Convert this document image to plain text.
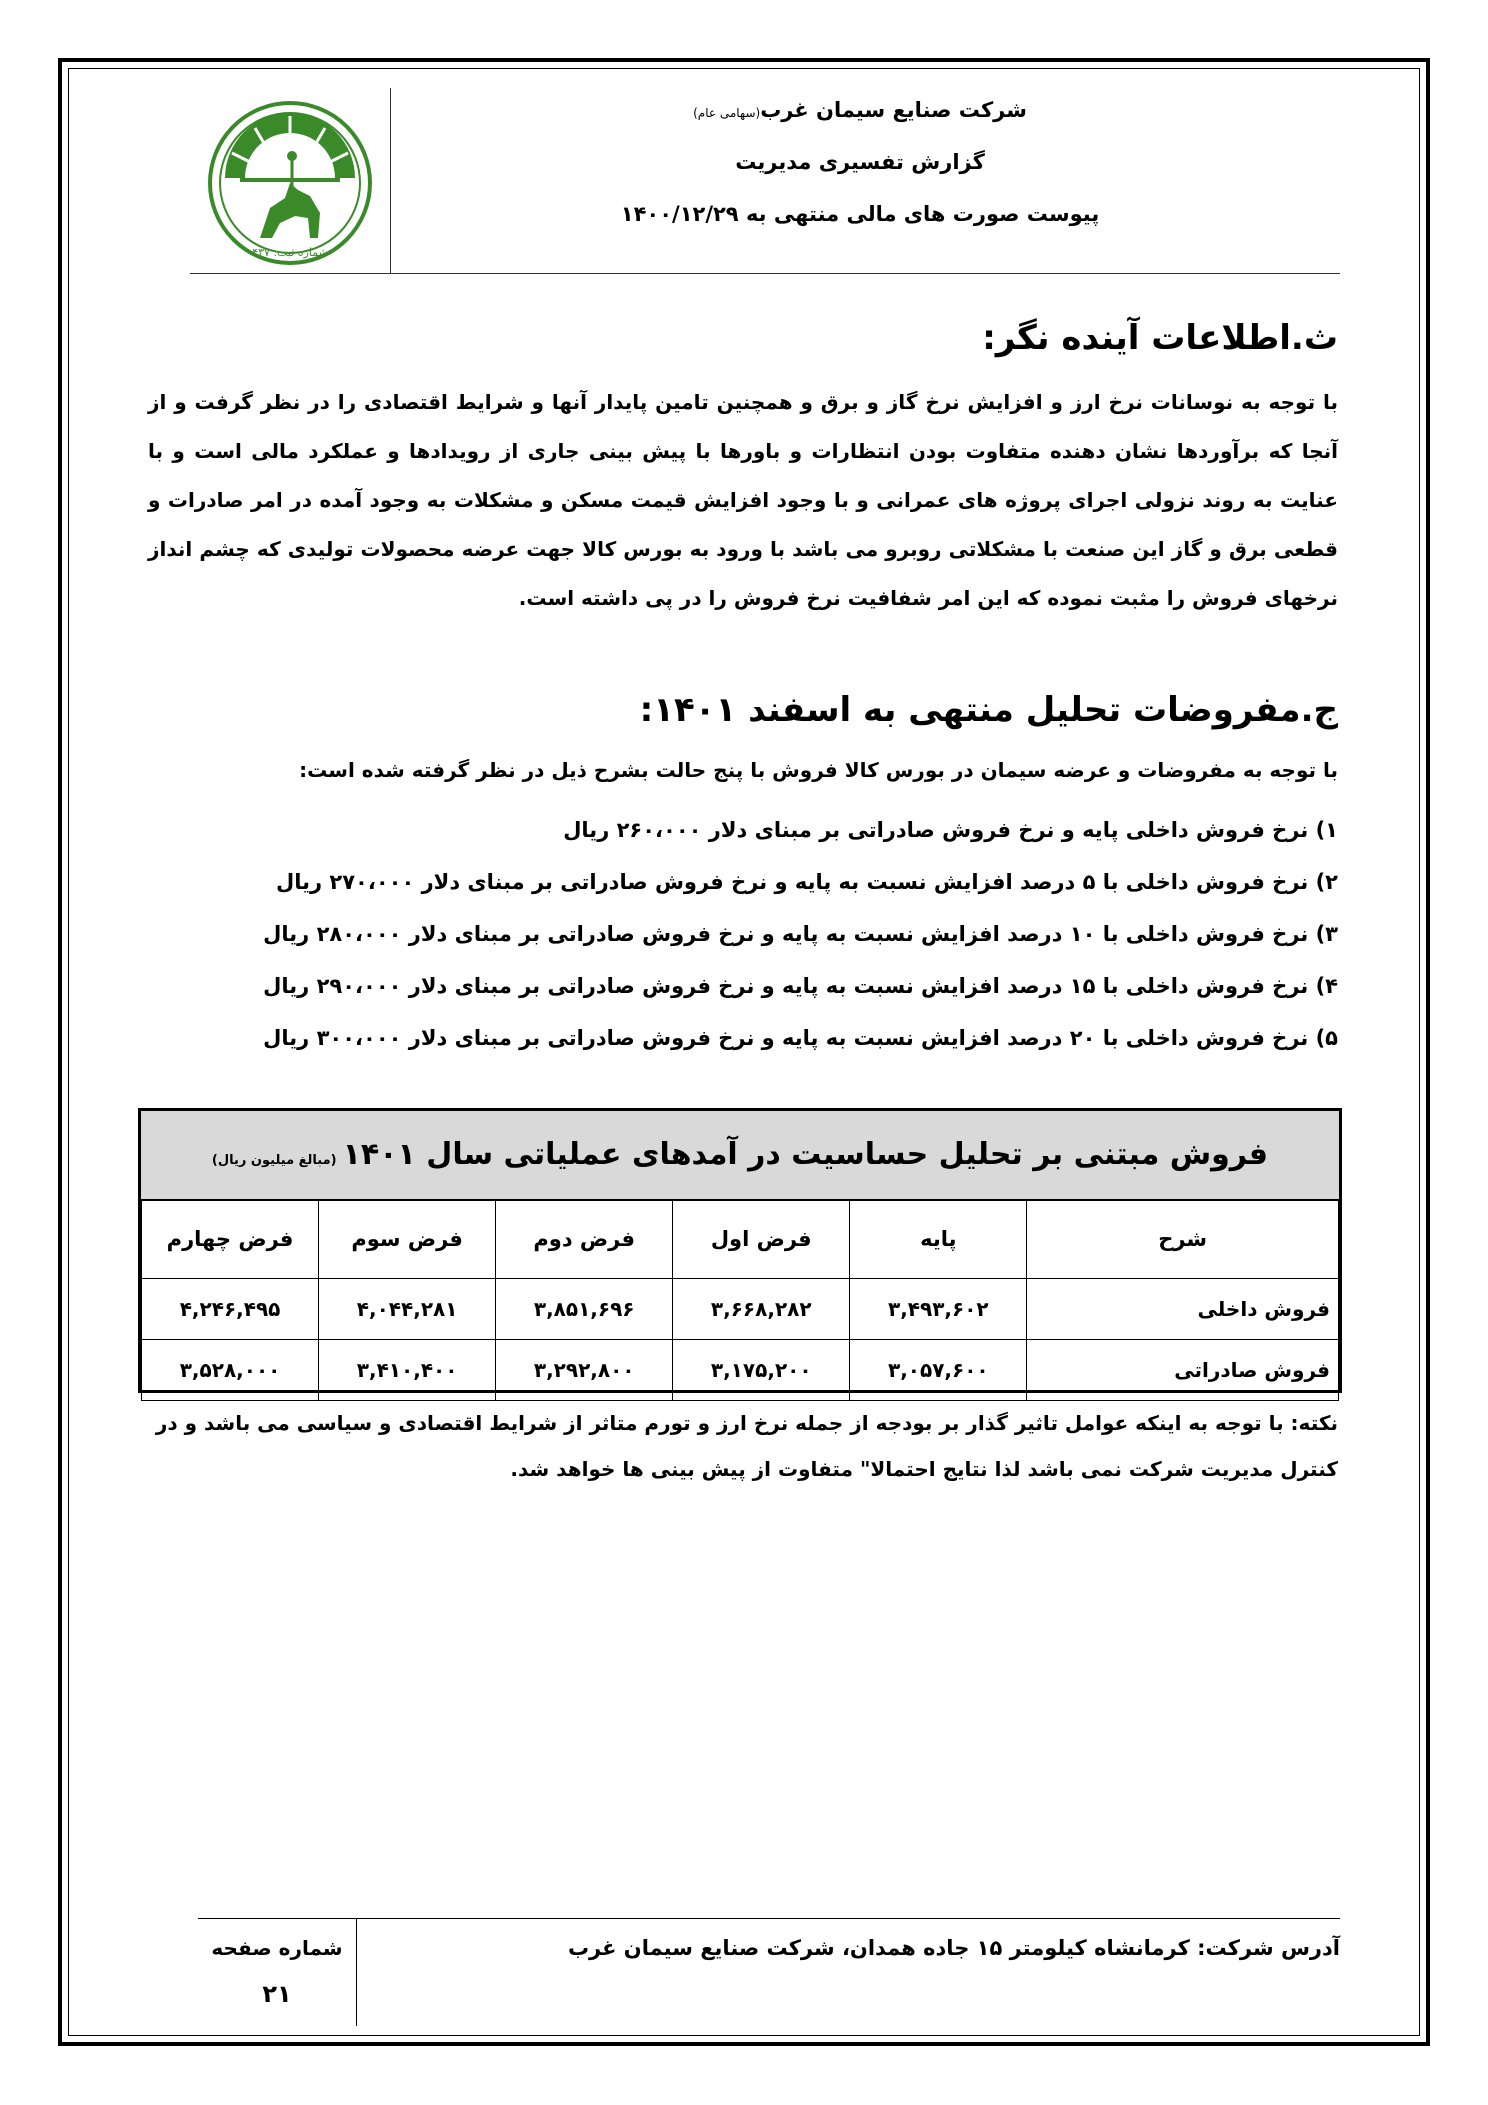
شماره ثبت: ۴۳۷
شرکت صنایع سیمان غرب(سهامی عام)
گزارش تفسیری مدیریت
پیوست صورت های مالی منتهی به ۱۴۰۰/۱۲/۲۹
ث.اطلاعات آینده نگر:
با توجه به نوسانات نرخ ارز و افزایش نرخ گاز و برق و همچنین تامین پایدار آنها و شرایط اقتصادی را در نظر گرفت و از آنجا که برآوردها نشان دهنده متفاوت بودن انتظارات و باورها با پیش بینی جاری از رویدادها و عملکرد مالی است و با عنایت به روند نزولی اجرای پروژه های عمرانی و با وجود افزایش قیمت مسکن و مشکلات به وجود آمده در امر صادرات و قطعی برق و گاز این صنعت با مشکلاتی روبرو می باشد با ورود به بورس کالا جهت عرضه محصولات تولیدی که چشم انداز نرخهای فروش را مثبت نموده که این امر شفافیت نرخ فروش را در پی داشته است.
ج.مفروضات تحلیل منتهی به اسفند ۱۴۰۱:
با توجه به مفروضات و عرضه سیمان در بورس کالا فروش با پنج حالت بشرح ذیل در نظر گرفته شده است:
۱) نرخ فروش داخلی پایه و نرخ فروش صادراتی بر مبنای دلار ۲۶۰،۰۰۰ ریال
۲) نرخ فروش داخلی با ۵ درصد افزایش نسبت به پایه و نرخ فروش صادراتی بر مبنای دلار ۲۷۰،۰۰۰ ریال
۳) نرخ فروش داخلی با ۱۰ درصد افزایش نسبت به پایه و نرخ فروش صادراتی بر مبنای دلار ۲۸۰،۰۰۰ ریال
۴) نرخ فروش داخلی با ۱۵ درصد افزایش نسبت به پایه و نرخ فروش صادراتی بر مبنای دلار ۲۹۰،۰۰۰ ریال
۵) نرخ فروش داخلی با ۲۰ درصد افزایش نسبت به پایه و نرخ فروش صادراتی بر مبنای دلار ۳۰۰،۰۰۰ ریال
فروش مبتنی بر تحلیل حساسیت در آمدهای عملیاتی سال ۱۴۰۱(مبالغ میلیون ریال)
شرح	پایه	فرض اول	فرض دوم	فرض سوم	فرض چهارم
فروش داخلی	۳,۴۹۳,۶۰۲	۳,۶۶۸,۲۸۲	۳,۸۵۱,۶۹۶	۴,۰۴۴,۲۸۱	۴,۲۴۶,۴۹۵
فروش صادراتی	۳,۰۵۷,۶۰۰	۳,۱۷۵,۲۰۰	۳,۲۹۲,۸۰۰	۳,۴۱۰,۴۰۰	۳,۵۲۸,۰۰۰
نکته: با توجه به اینکه عوامل تاثیر گذار بر بودجه از جمله نرخ ارز و تورم متاثر از شرایط اقتصادی و سیاسی می باشد و در
کنترل مدیریت شرکت نمی باشد لذا نتایج احتمالا" متفاوت از پیش بینی ها خواهد شد.
آدرس شرکت: کرمانشاه کیلومتر ۱۵ جاده همدان، شرکت صنایع سیمان غرب
شماره صفحه
۲۱
